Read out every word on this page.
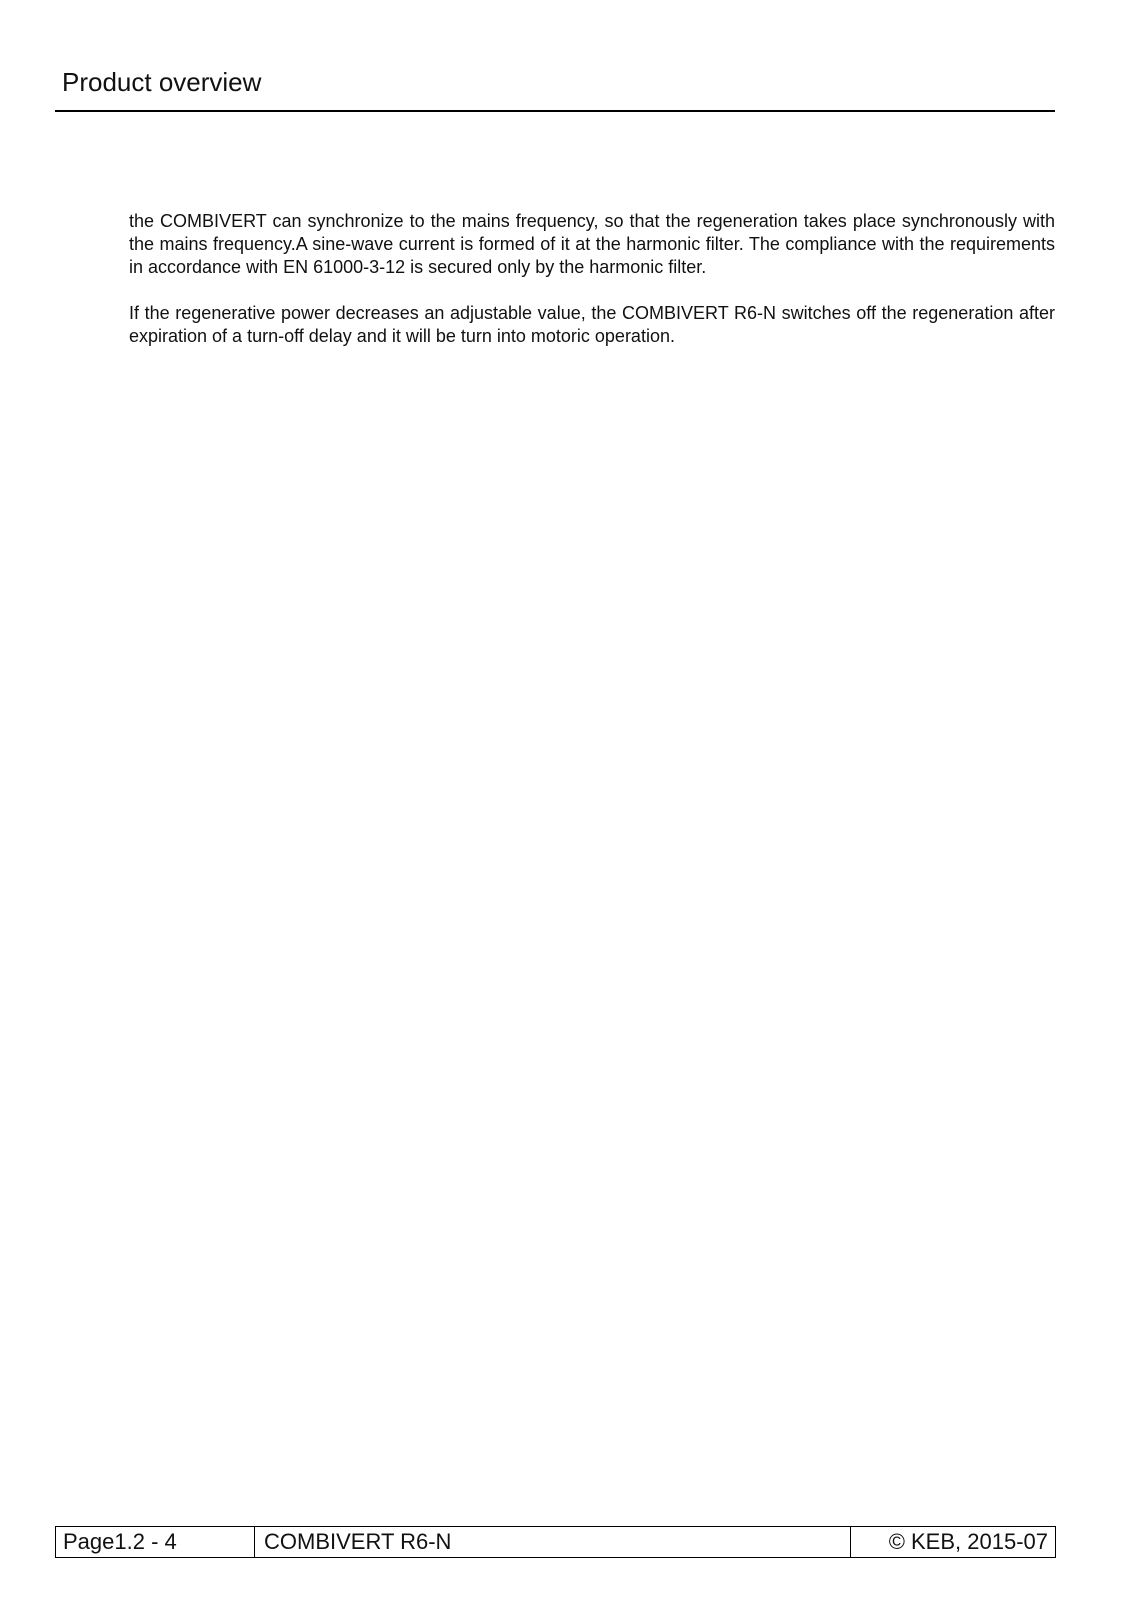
Product overview

the COMBIVERT can synchronize to the mains frequency, so that the regeneration takes place synchronously with the mains frequency.A sine-wave current is formed of it at the harmonic filter. The compliance with the requirements in accordance with EN 61000-3-12 is secured only by the harmonic filter.

If the regenerative power decreases an adjustable value, the COMBIVERT R6-N switches off the regeneration after expiration of a turn-off delay and it will be turn into motoric operation.

Page1.2 - 4	COMBIVERT R6-N	© KEB, 2015-07
